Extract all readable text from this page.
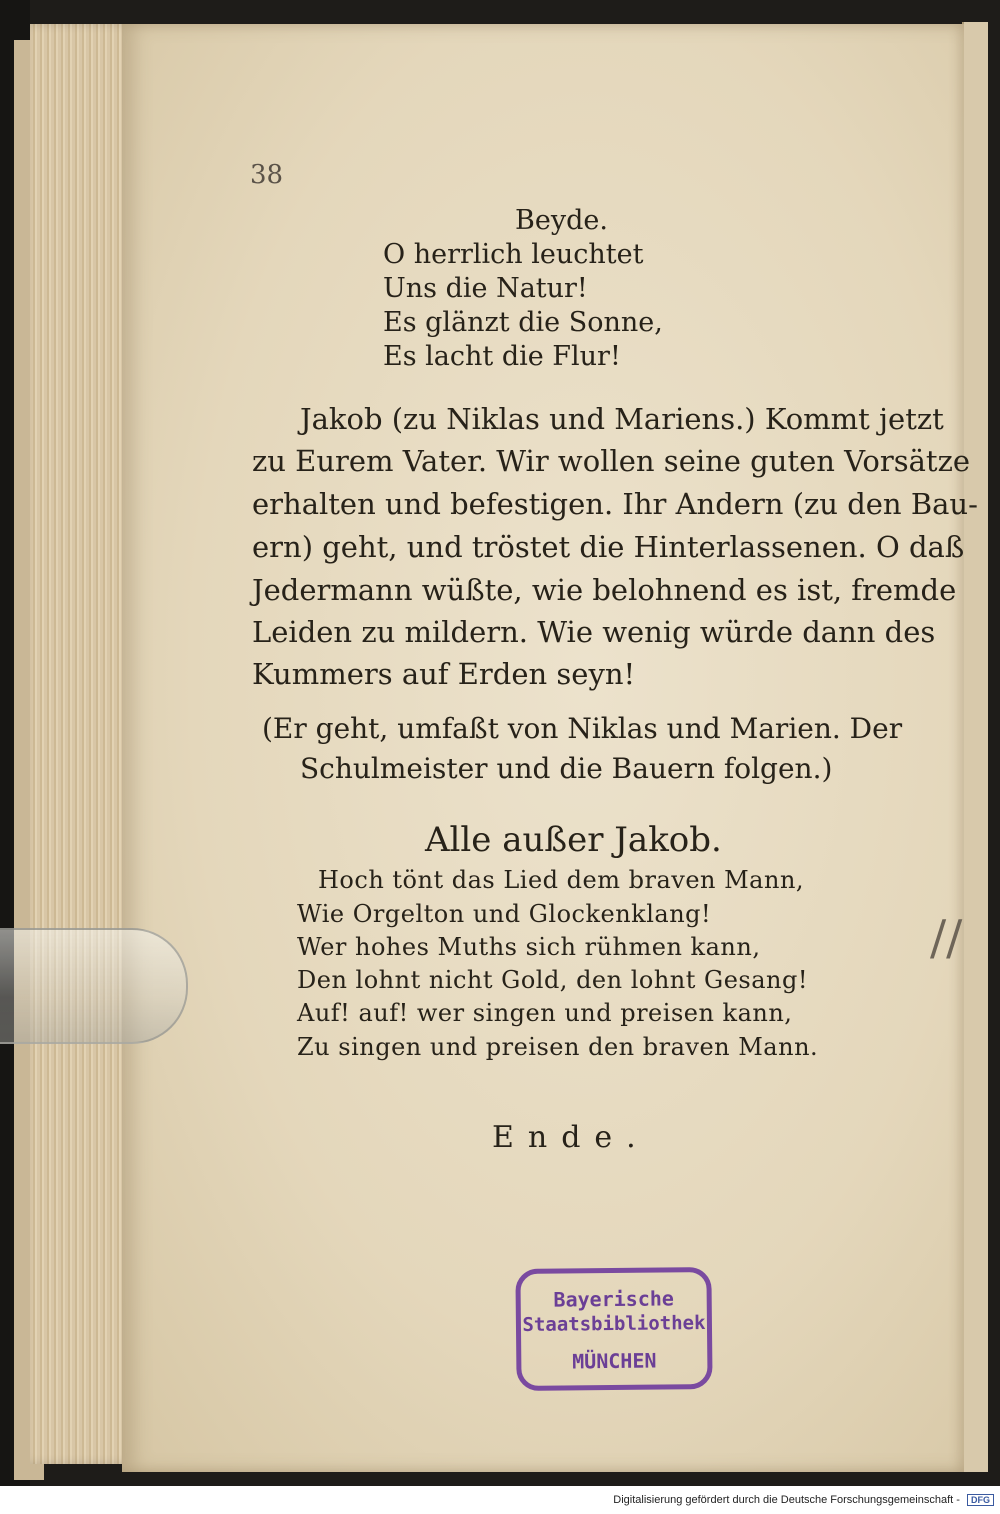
38
Beyde.
O herrlich leuchtet
Uns die Natur!
Es glänzt die Sonne,
Es lacht die Flur!
Jakob (zu Niklas und Mariens.) Kommt jetzt
zu Eurem Vater. Wir wollen seine guten Vorsätze
erhalten und befestigen. Ihr Andern (zu den Bau-
ern) geht, und tröstet die Hinterlassenen. O daß
Jedermann wüßte, wie belohnend es ist, fremde
Leiden zu mildern. Wie wenig würde dann des
Kummers auf Erden seyn!
(Er geht, umfaßt von Niklas und Marien. Der
Schulmeister und die Bauern folgen.)
Alle außer Jakob.
Hoch tönt das Lied dem braven Mann,
Wie Orgelton und Glockenklang!
Wer hohes Muths sich rühmen kann,
Den lohnt nicht Gold, den lohnt Gesang!
Auf! auf! wer singen und preisen kann,
Zu singen und preisen den braven Mann.
Ende.
Bayerische
Staatsbibliothek
MÜNCHEN
//
Digitalisierung gefördert durch die Deutsche Forschungsgemeinschaft - DFG
